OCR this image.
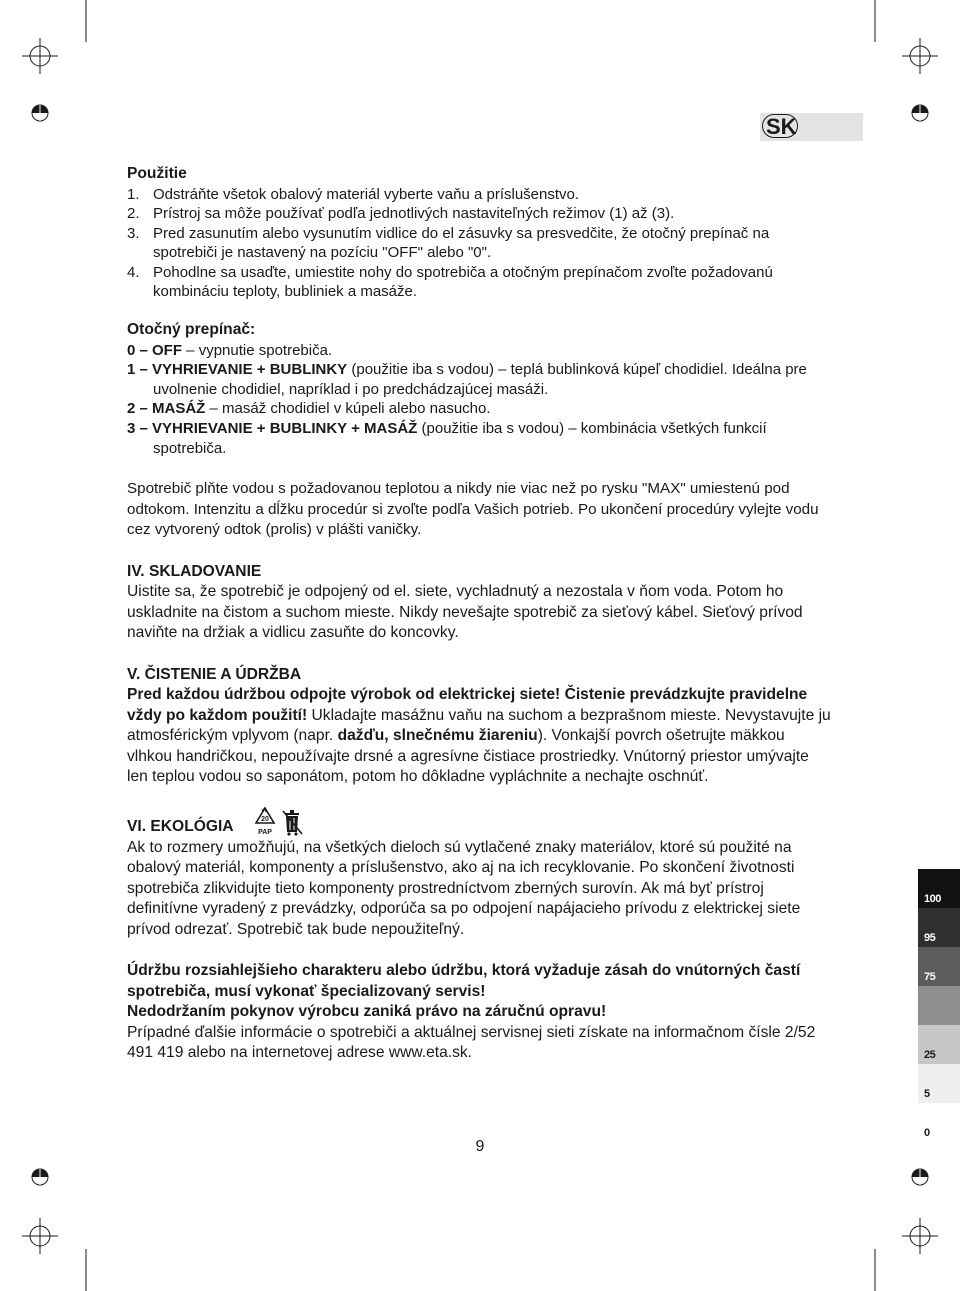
SK
Použitie
1. Odstráňte všetok obalový materiál vyberte vaňu a príslušenstvo.
2. Prístroj sa môže používať podľa jednotlivých nastaviteľných režimov (1) až (3).
3. Pred zasunutím alebo vysunutím vidlice do el zásuvky sa presvedčite, že otočný prepínač na spotrebiči je nastavený na pozíciu "OFF" alebo "0".
4. Pohodlne sa usaďte, umiestite nohy do spotrebiča a otočným prepínačom zvoľte požadovanú kombináciu teploty, bubliniek a masáže.
Otočný prepínač:
0 – OFF – vypnutie spotrebiča.
1 – VYHRIEVANIE + BUBLINKY (použitie iba s vodou) – teplá bublinková kúpeľ chodidiel. Ideálna pre uvolnenie chodidiel, napríklad i po predchádzajúcej masáži.
2 – MASÁŽ – masáž chodidiel v kúpeli alebo nasucho.
3 – VYHRIEVANIE + BUBLINKY + MASÁŽ (použitie iba s vodou) – kombinácia všetkých funkcií spotrebiča.

Spotrebič plňte vodou s požadovanou teplotou a nikdy nie viac než po rysku "MAX" umiestenú pod odtokom. Intenzitu a dĺžku procedúr si zvoľte podľa Vašich potrieb. Po ukončení procedúry vylejte vodu cez vytvorený odtok (prolis) v plášti vaničky.

IV. SKLADOVANIE
Uistite sa, že spotrebič je odpojený od el. siete, vychladnutý a nezostala v ňom voda. Potom ho uskladnite na čistom a suchom mieste. Nikdy nevešajte spotrebič za sieťový kábel. Sieťový prívod naviňte na držiak a vidlicu zasuňte do koncovky.
V. ČISTENIE A ÚDRŽBA
Pred každou údržbou odpojte výrobok od elektrickej siete! Čistenie prevádzkujte pravidelne vždy po každom použití! Ukladajte masážnu vaňu na suchom a bezprašnom mieste. Nevystavujte ju atmosférickým vplyvom (napr. dažďu, slnečnému žiareniu). Vonkajší povrch ošetrujte mäkkou vlhkou handričkou, nepoužívajte drsné a agresívne čistiace prostriedky. Vnútorný priestor umývajte len teplou vodou so saponátom, potom ho dôkladne vypláchnite a nechajte oschnúť.
VI. EKOLÓGIA	20
PAP
Ak to rozmery umožňujú, na všetkých dieloch sú vytlačené znaky materiálov, ktoré sú použité na obalový materiál, komponenty a príslušenstvo, ako aj na ich recyklovanie. Po skončení životnosti spotrebiča zlikvidujte tieto komponenty prostredníctvom zberných surovín. Ak má byť prístroj definitívne vyradený z prevádzky, odporúča sa po odpojení napájacieho prívodu z elektrickej siete prívod odrezať. Spotrebič tak bude nepoužiteľný.
Údržbu rozsiahlejšieho charakteru alebo údržbu, ktorá vyžaduje zásah do vnútorných častí spotrebiča, musí vykonať špecializovaný servis!
Nedodržaním pokynov výrobcu zaniká právo na záručnú opravu!
Prípadné ďalšie informácie o spotrebiči a aktuálnej servisnej sieti získate na informačnom čísle 2/52 491 419 alebo na internetovej adrese www.eta.sk.
9
100
95
75
25
5
0
